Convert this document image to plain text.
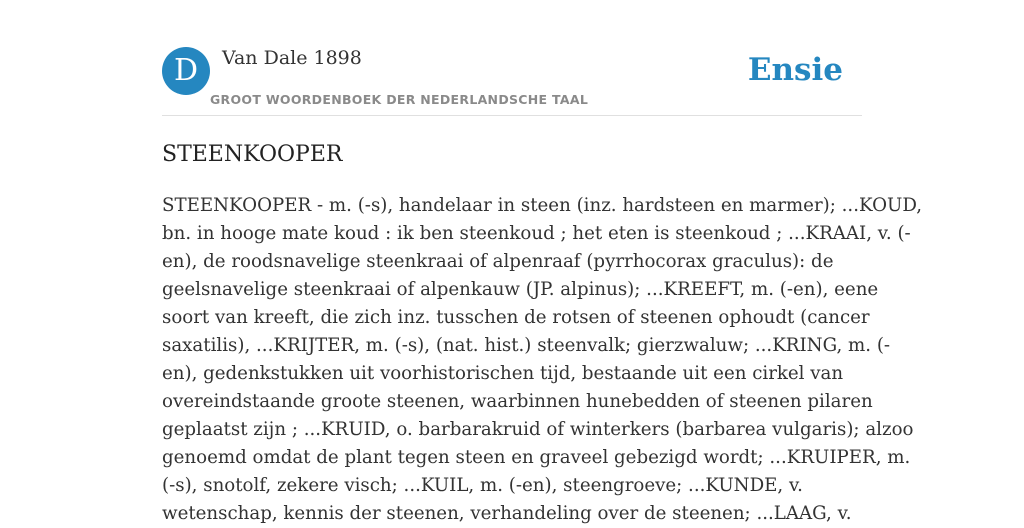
D	Van Dale 1898
GROOT WOORDENBOEK DER NEDERLANDSCHE TAAL
Ensie
STEENKOOPER
STEENKOOPER - m. (-s), handelaar in steen (inz. hardsteen en marmer); ...KOUD,
bn. in hooge mate koud : ik ben steenkoud ; het eten is steenkoud ; ...KRAAI, v. (-
en), de roodsnavelige steenkraai of alpenraaf (pyrrhocorax graculus): de
geelsnavelige steenkraai of alpenkauw (JP. alpinus); ...KREEFT, m. (-en), eene
soort van kreeft, die zich inz. tusschen de rotsen of steenen ophoudt (cancer
saxatilis), ...KRIJTER, m. (-s), (nat. hist.) steenvalk; gierzwaluw; ...KRING, m. (-
en), gedenkstukken uit voorhistorischen tijd, bestaande uit een cirkel van
overeindstaande groote steenen, waarbinnen hunebedden of steenen pilaren
geplaatst zijn ; ...KRUID, o. barbarakruid of winterkers (barbarea vulgaris); alzoo
genoemd omdat de plant tegen steen en graveel gebezigd wordt; ...KRUIPER, m.
(-s), snotolf, zekere visch; ...KUIL, m. (-en), steengroeve; ...KUNDE, v.
wetenschap, kennis der steenen, verhandeling over de steenen; ...LAAG, v.
